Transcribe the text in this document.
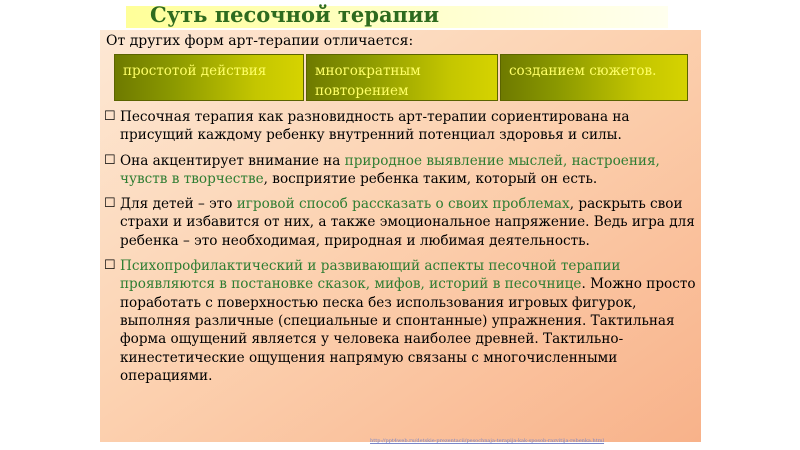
Суть песочной терапии
От других форм арт-терапии отличается:
простотой действия	многократным повторением
созданием сюжетов.
☐ Песочная терапия как разновидность арт-терапии сориентирована на присущий каждому ребенку внутренний потенциал здоровья и силы.
☐ Она акцентирует внимание на природное выявление мыслей, настроения, чувств в творчестве, восприятие ребенка таким, который он есть.
☐ Для детей – это игровой способ рассказать о своих проблемах, раскрыть свои страхи и избавится от них, а также эмоциональное напряжение. Ведь игра для ребенка – это необходимая, природная и любимая деятельность.
☐ Психопрофилактический и развивающий аспекты песочной терапии проявляются в постановке сказок, мифов, историй в песочнице. Можно просто поработать с поверхностью песка без использования игровых фигурок, выполняя различные (специальные и спонтанные) упражнения. Тактильная форма ощущений является у человека наиболее древней. Тактильно-кинестетические ощущения напрямую связаны с многочисленными операциями.
http://ppt4web.ru/detskie-prezentacii/pesochnaja-terapija-kak-sposob-razvitija-rebenka.html
